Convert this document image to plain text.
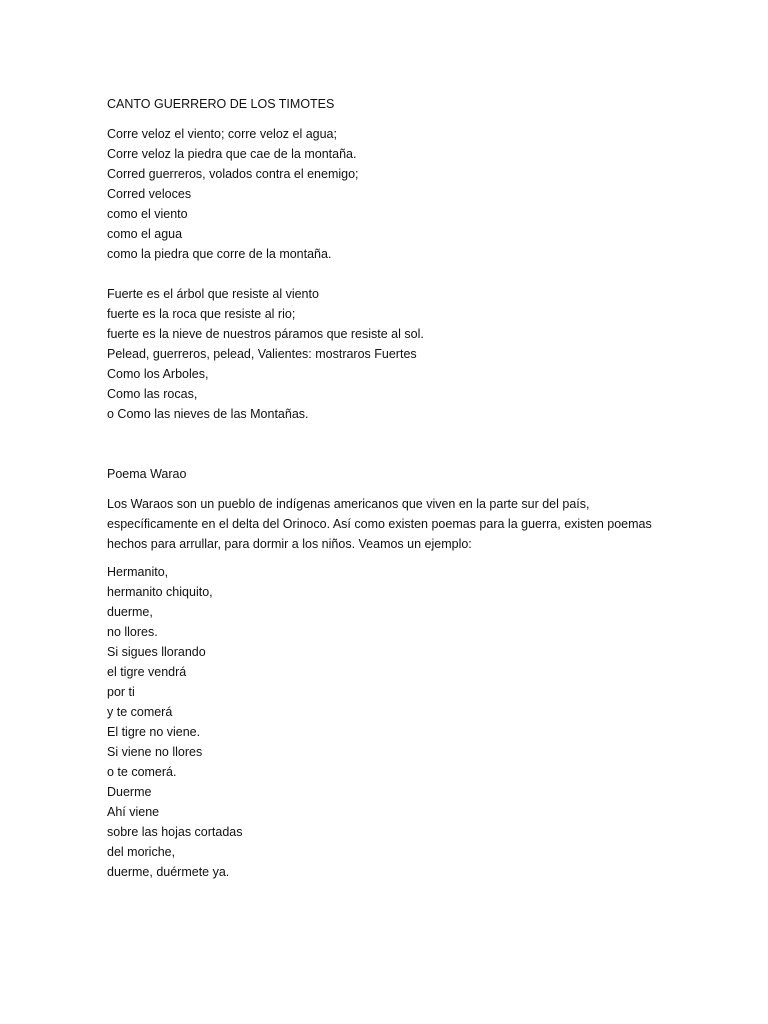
CANTO GUERRERO DE LOS TIMOTES
Corre veloz el viento; corre veloz el agua;
Corre veloz la piedra que cae de la montaña.
Corred guerreros, volados contra el enemigo;
Corred veloces
como el viento
como el agua
como la piedra que corre de la montaña.
Fuerte es el árbol que resiste al viento
fuerte es la roca que resiste al rio;
fuerte es la nieve de nuestros páramos que resiste al sol.
Pelead, guerreros, pelead, Valientes: mostraros Fuertes
Como los Arboles,
Como las rocas,
o Como las nieves de las Montañas.
Poema Warao
Los Waraos son un pueblo de indígenas americanos que viven en la parte sur del país,
específicamente en el delta del Orinoco. Así como existen poemas para la guerra, existen poemas
hechos para arrullar, para dormir a los niños. Veamos un ejemplo:
Hermanito,
hermanito chiquito,
duerme,
no llores.
Si sigues llorando
el tigre vendrá
por ti
y te comerá
El tigre no viene.
Si viene no llores
o te comerá.
Duerme
Ahí viene
sobre las hojas cortadas
del moriche,
duerme, duérmete ya.
